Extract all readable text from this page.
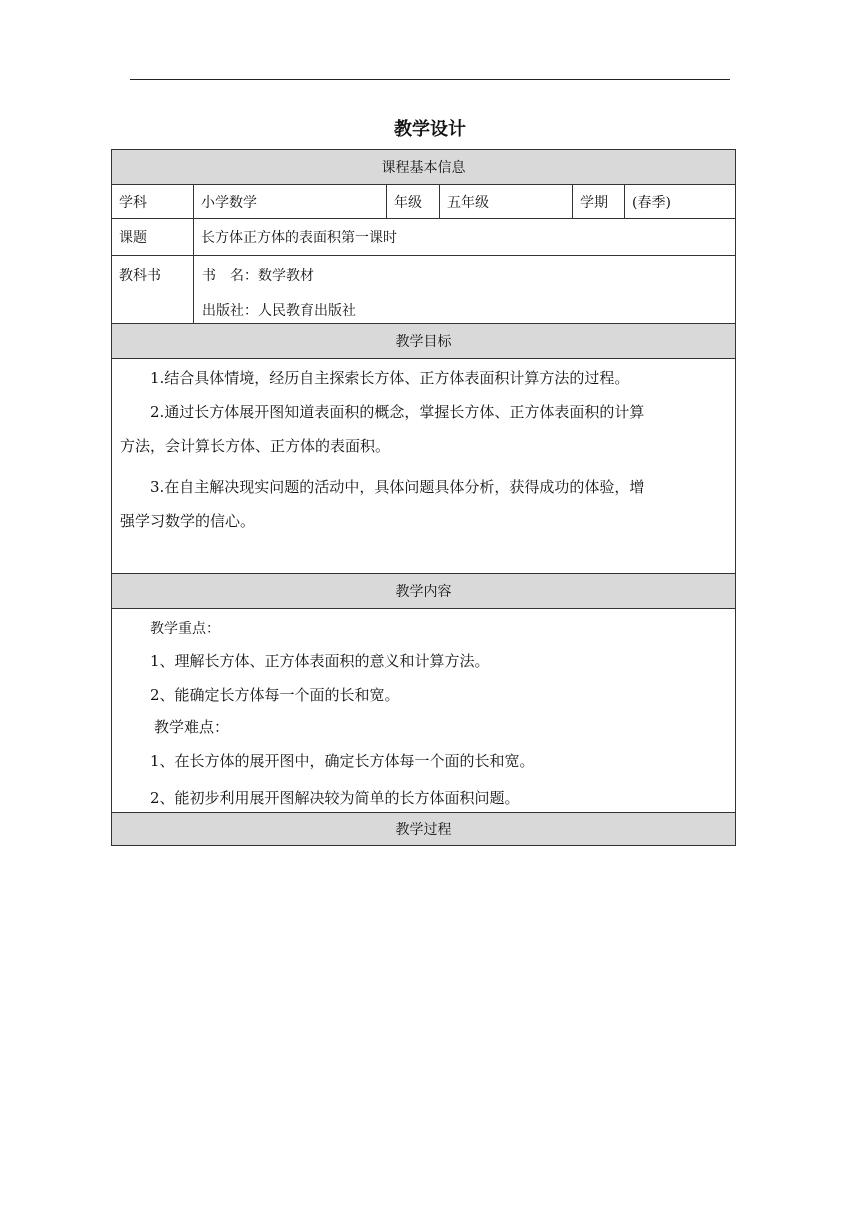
教学设计
课程基本信息
学科	小学数学	年级	五年级	学期	(春季)
课题	长方体正方体的表面积第一课时
教科书	书　名：数学教材
出版社：人民教育出版社
教学目标
1.结合具体情境，经历自主探索长方体、正方体表面积计算方法的过程。
2.通过长方体展开图知道表面积的概念，掌握长方体、正方体表面积的计算
方法，会计算长方体、正方体的表面积。
3.在自主解决现实问题的活动中，具体问题具体分析，获得成功的体验，增
强学习数学的信心。
教学内容
教学重点：
1、理解长方体、正方体表面积的意义和计算方法。
2、能确定长方体每一个面的长和宽。
教学难点：
1、在长方体的展开图中，确定长方体每一个面的长和宽。
2、能初步利用展开图解决较为简单的长方体面积问题。
教学过程
